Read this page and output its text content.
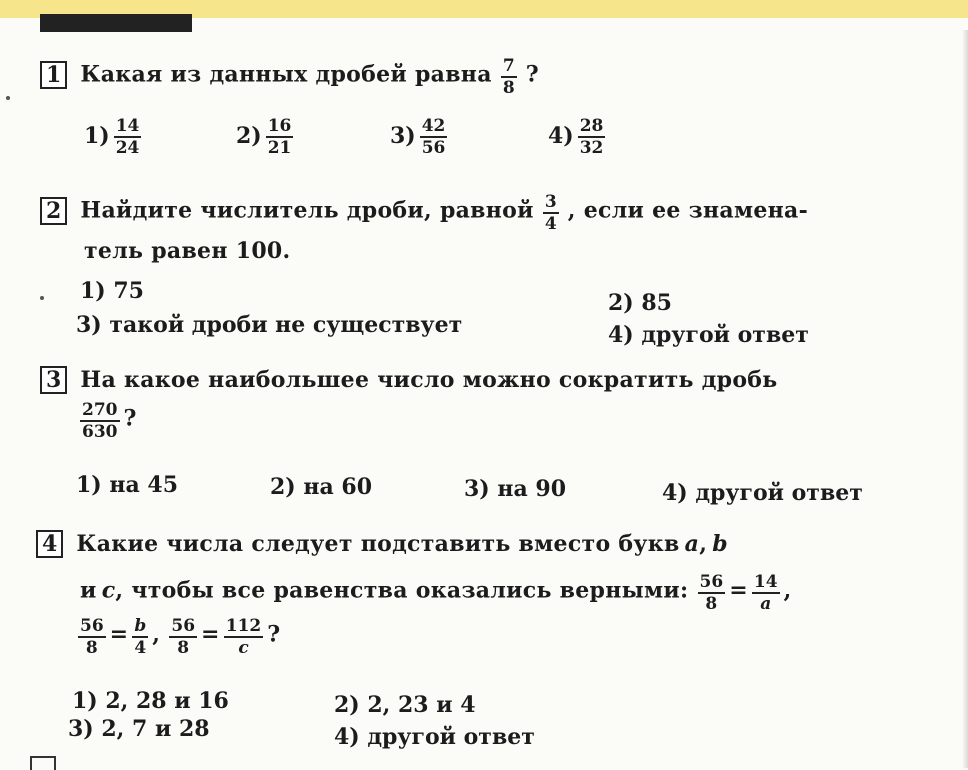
1 Какая из данных дробей равна $\frac{7}{8}$ ?
$1) \frac{14}{24}$	$2) \frac{16}{21}$	$3) \frac{42}{56}$	$4) \frac{28}{32}$
2 Найдите числитель дроби, равной $\frac{3}{4}$ , если ее знамена-
тель равен 100.
1) 75	2) 85
3) такой дроби не существует	4) другой ответ
3 На какое наибольшее число можно сократить дробь
$\frac{270}{630}$ ?
1) на 45	2) на 60	3) на 90	4) другой ответ
4 Какие числа следует подставить вместо букв a, b
и c, чтобы все равенства оказались верными: $\frac{56}{8} = \frac{14}{a}$ ,
$\frac{56}{8} = \frac{b}{4}$ , $\frac{56}{8} = \frac{112}{c}$ ?
1) 2, 28 и 16	2) 2, 23 и 4
3) 2, 7 и 28	4) другой ответ
